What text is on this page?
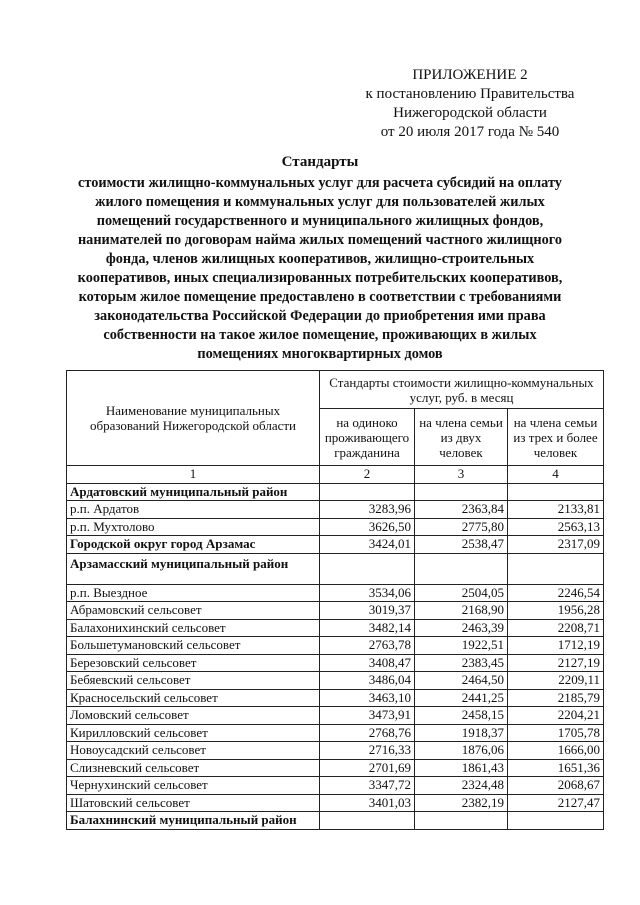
ПРИЛОЖЕНИЕ 2
к постановлению Правительства
Нижегородской области
от 20 июля 2017 года № 540
Стандарты
стоимости жилищно-коммунальных услуг для расчета субсидий на оплату
жилого помещения и коммунальных услуг для пользователей жилых
помещений государственного и муниципального жилищных фондов,
нанимателей по договорам найма жилых помещений частного жилищного
фонда, членов жилищных кооперативов, жилищно-строительных
кооперативов, иных специализированных потребительских кооперативов,
которым жилое помещение предоставлено в соответствии с требованиями
законодательства Российской Федерации до приобретения ими права
собственности на такое жилое помещение, проживающих в жилых
помещениях многоквартирных домов
Наименование муниципальных образований Нижегородской области	Стандарты стоимости жилищно-коммунальных услуг, руб. в месяц		
	на одиноко проживающего гражданина	на члена семьи из двух человек	на члена семьи из трех и более человек
1	2	3	4
Ардатовский муниципальный район			
р.п. Ардатов	3283,96	2363,84	2133,81
р.п. Мухтолово	3626,50	2775,80	2563,13
Городской округ город Арзамас	3424,01	2538,47	2317,09
Арзамасский муниципальный район			
р.п. Выездное	3534,06	2504,05	2246,54
Абрамовский сельсовет	3019,37	2168,90	1956,28
Балахонихинский сельсовет	3482,14	2463,39	2208,71
Большетумановский сельсовет	2763,78	1922,51	1712,19
Березовский сельсовет	3408,47	2383,45	2127,19
Бебяевский сельсовет	3486,04	2464,50	2209,11
Красносельский сельсовет	3463,10	2441,25	2185,79
Ломовский сельсовет	3473,91	2458,15	2204,21
Кирилловский сельсовет	2768,76	1918,37	1705,78
Новоусадский сельсовет	2716,33	1876,06	1666,00
Слизневский сельсовет	2701,69	1861,43	1651,36
Чернухинский сельсовет	3347,72	2324,48	2068,67
Шатовский сельсовет	3401,03	2382,19	2127,47
Балахнинский муниципальный район			
